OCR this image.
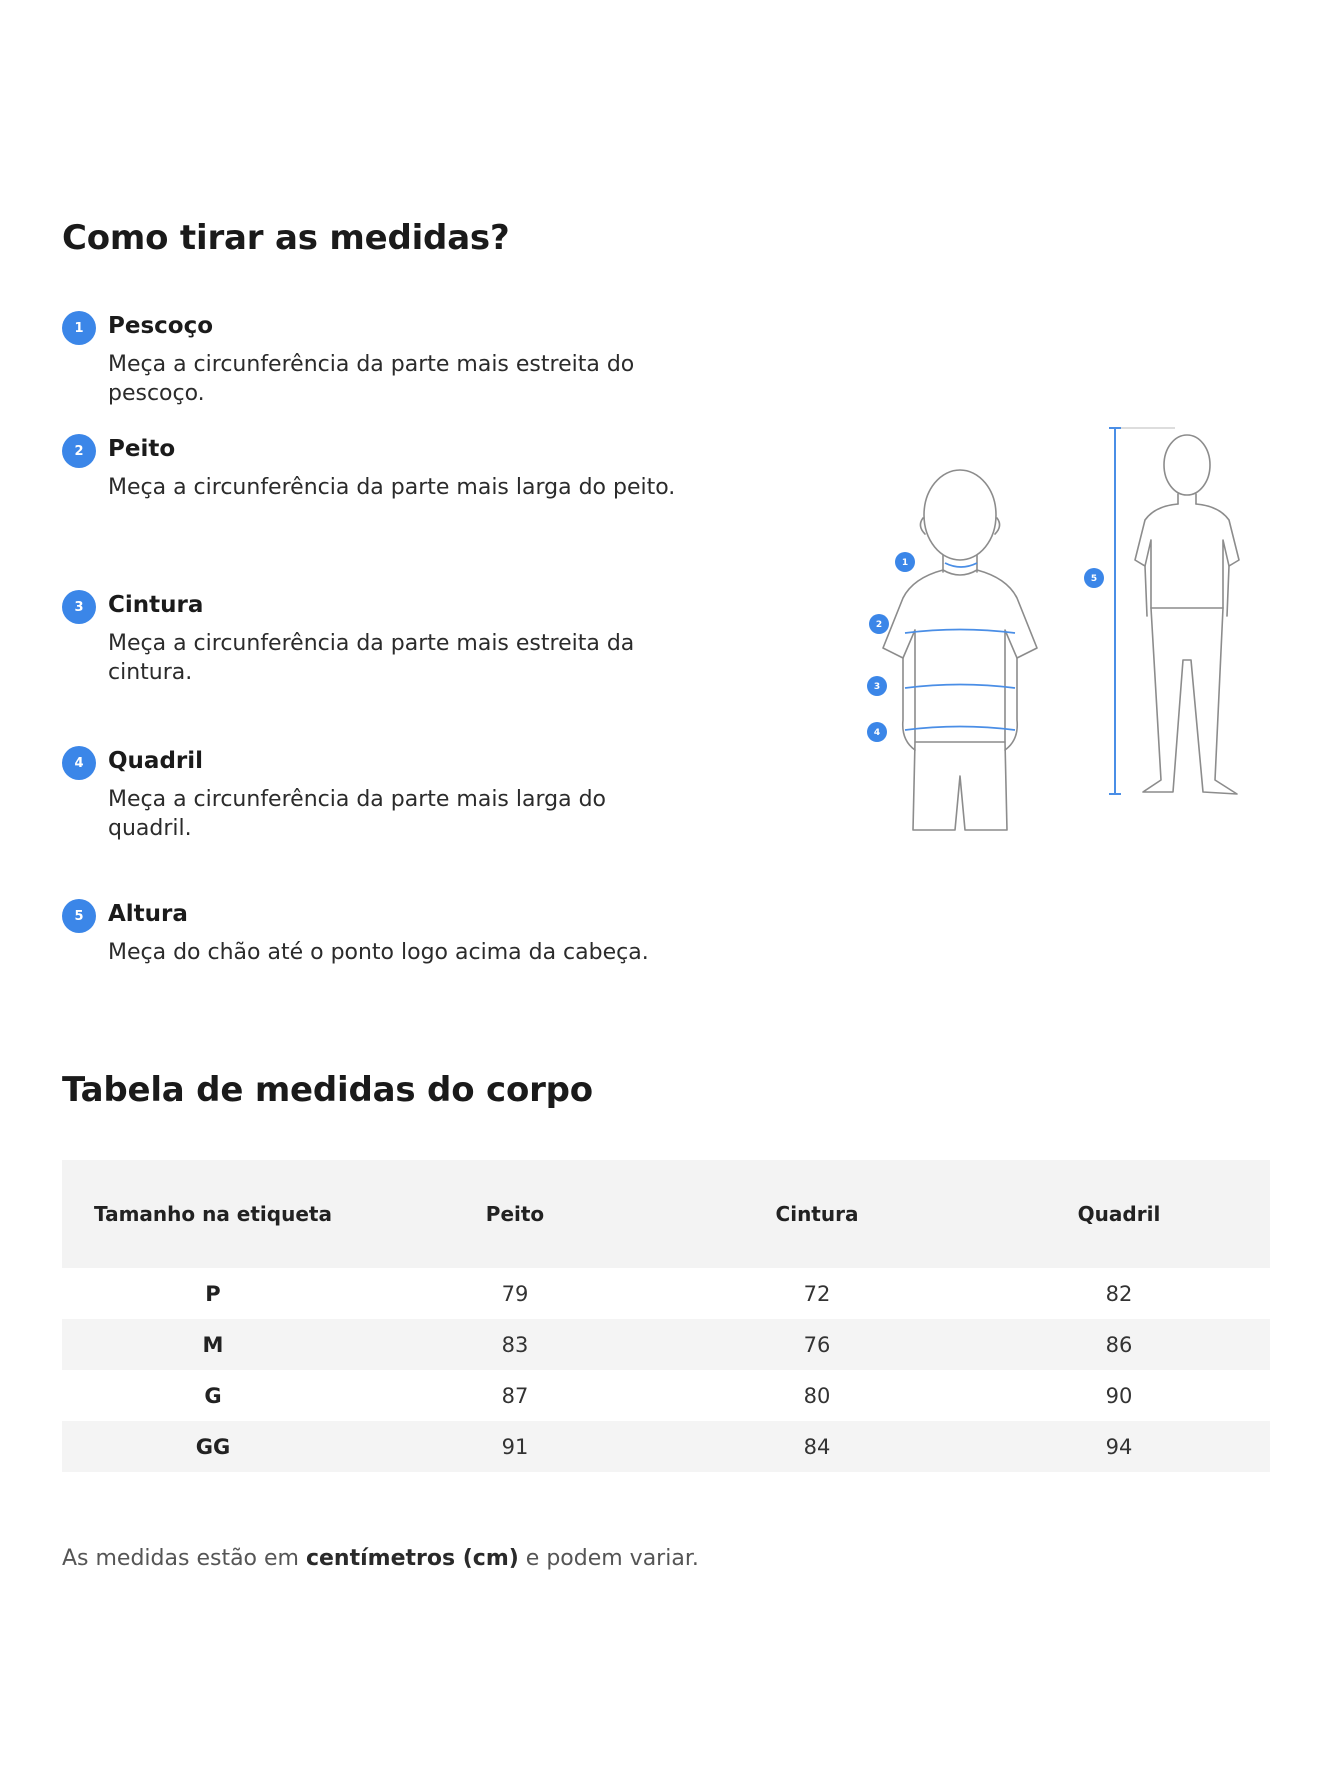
Como tirar as medidas?
1	Pescoço
Meça a circunferência da parte mais estreita do pescoço.
2	Peito
Meça a circunferência da parte mais larga do peito.
3	Cintura
Meça a circunferência da parte mais estreita da cintura.
4	Quadril
Meça a circunferência da parte mais larga do quadril.
5	Altura
Meça do chão até o ponto logo acima da cabeça.
1
2
3
4
5
Tabela de medidas do corpo
Tamanho na etiqueta	Peito	Cintura	Quadril
P	79	72	82
M	83	76	86
G	87	80	90
GG	91	84	94

As medidas estão em centímetros (cm) e podem variar.
